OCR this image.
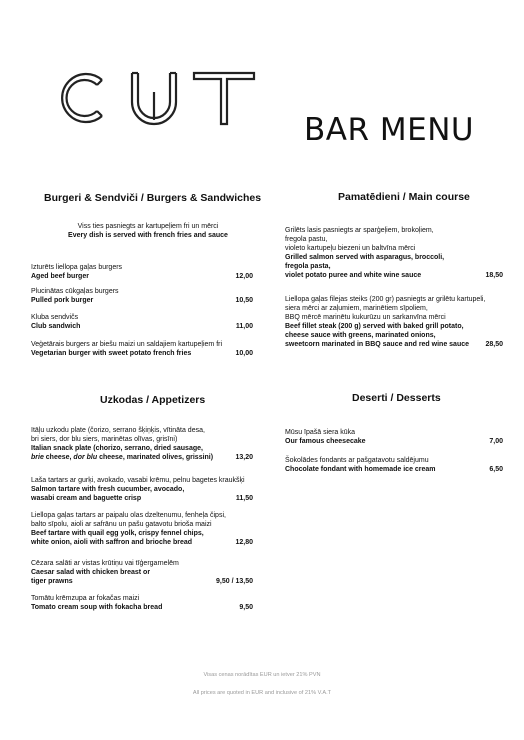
CUT
BAR MENU
Burgeri & Sendviči / Burgers & Sandwiches
Viss ties pasniegts ar kartupeļiem fri un mērci
Every dish is served with french fries and sauce
Izturēts liellopa gaļas burgers
Aged beef burger	12,00
Plucinātas cūkgaļas burgers
Pulled pork burger	10,50
Kluba sendvičs
Club sandwich	11,00
Veģetārais burgers ar biešu maizi un saldajiem kartupeļiem fri
Vegetarian burger with sweet potato french fries	10,00
Pamatēdieni / Main course
Grilēts lasis pasniegts ar sparģeļiem, brokoļiem,
fregola pastu,
violeto kartupeļu biezeni un baltvīna mērci
Grilled salmon served with asparagus, broccoli,
fregola pasta,
violet potato puree and white wine sauce	18,50
Liellopa gaļas filejas steiks (200 gr) pasniegts ar grilētu kartupeli,
siera mērci ar zaļumiem, marinētiem sīpoliem,
BBQ mērcē marinētu kukurūzu un sarkanvīna mērci
Beef fillet steak (200 g) served with baked grill potato,
cheese sauce with greens, marinated onions,
sweetcorn marinated in BBQ sauce and red wine sauce 28,50
Uzkodas / Appetizers
Itāļu uzkodu plate (čorizo, serrano šķiņķis, vītināta desa,
bri siers, dor blu siers, marinētas olīvas, grisīni)
Italian snack plate (chorizo, serrano, dried sausage,
brie cheese, dor blu cheese, marinated olives, grissini)	13,20
Laša tartars ar gurķi, avokado, vasabi krēmu, pelnu bagetes kraukšķi
Salmon tartare with fresh cucumber, avocado,
wasabi cream and baguette crisp	11,50
Liellopa gaļas tartars ar paipalu olas dzeltenumu, fenheļa čipsi,
balto sīpolu, aioli ar safrānu un pašu gatavotu brioša maizi
Beef tartare with quail egg yolk, crispy fennel chips,
white onion, aioli with saffron and brioche bread	12,80
Cēzara salāti ar vistas krūtiņu vai tīģergarnelēm
Caesar salad with chicken breast or
tiger prawns	9,50 / 13,50
Tomātu krēmzupa ar fokačas maizi
Tomato cream soup with fokacha bread	9,50
Deserti / Desserts
Mūsu īpašā siera kūka
Our famous cheesecake	7,00
Šokolādes fondants ar pašgatavotu saldējumu
Chocolate fondant with homemade ice cream	6,50
Visas cenas norādītas EUR un ietver 21% PVN
All prices are quoted in EUR and inclusive of 21% V.A.T
